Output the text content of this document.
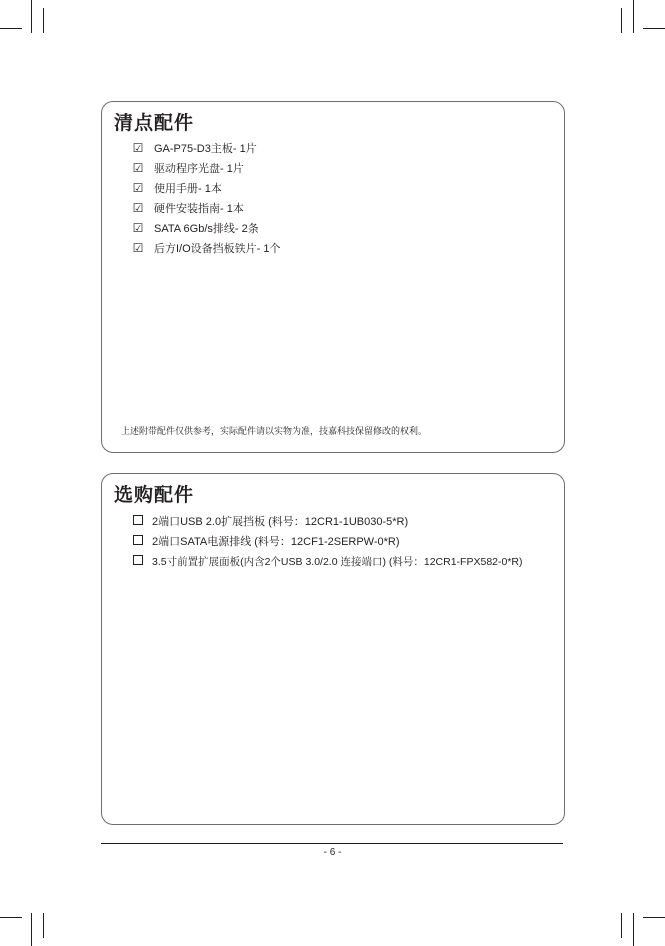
清点配件
☑ GA-P75-D3主板- 1片
☑ 驱动程序光盘- 1片
☑ 使用手册- 1本
☑ 硬件安装指南- 1本
☑ SATA 6Gb/s排线- 2条
☑ 后方I/O设备挡板铁片- 1个
上述附带配件仅供参考，实际配件请以实物为准，技嘉科技保留修改的权利。
选购配件
2端口USB 2.0扩展挡板 (料号：12CR1-1UB030-5*R)
2端口SATA电源排线 (料号：12CF1-2SERPW-0*R)
3.5寸前置扩展面板(内含2个USB 3.0/2.0 连接端口) (料号：12CR1-FPX582-0*R)
- 6 -
